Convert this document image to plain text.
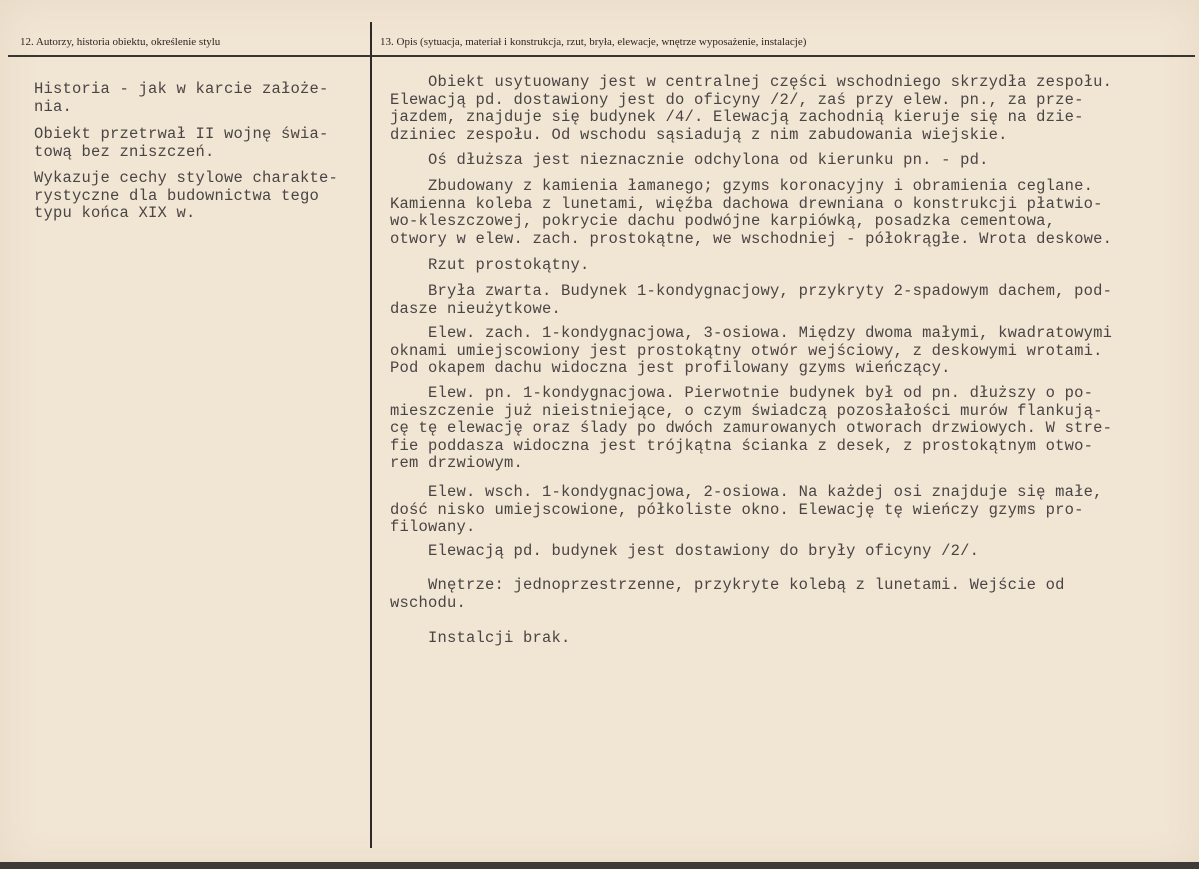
12. Autorzy, historia obiektu, określenie stylu	13. Opis (sytuacja, materiał i konstrukcja, rzut, bryła, elewacje, wnętrze wyposażenie, instalacje)
Historia - jak w karcie założe-
nia.
Obiekt przetrwał II wojnę świa-
tową bez zniszczeń.
Wykazuje cechy stylowe charakte-
rystyczne dla budownictwa tego
typu końca XIX w.
Obiekt usytuowany jest w centralnej części wschodniego skrzydła zespołu.
Elewacją pd. dostawiony jest do oficyny /2/, zaś przy elew. pn., za prze-
jazdem, znajduje się budynek /4/. Elewacją zachodnią kieruje się na dzie-
dziniec zespołu. Od wschodu sąsiadują z nim zabudowania wiejskie.
Oś dłuższa jest nieznacznie odchylona od kierunku pn. - pd.
Zbudowany z kamienia łamanego; gzyms koronacyjny i obramienia ceglane.
Kamienna koleba z lunetami, więźba dachowa drewniana o konstrukcji płatwio-
wo-kleszczowej, pokrycie dachu podwójne karpiówką, posadzka cementowa,
otwory w elew. zach. prostokątne, we wschodniej - półokrągłe. Wrota deskowe.
Rzut prostokątny.
Bryła zwarta. Budynek 1-kondygnacjowy, przykryty 2-spadowym dachem, pod-
dasze nieużytkowe.
Elew. zach. 1-kondygnacjowa, 3-osiowa. Między dwoma małymi, kwadratowymi
oknami umiejscowiony jest prostokątny otwór wejściowy, z deskowymi wrotami.
Pod okapem dachu widoczna jest profilowany gzyms wieńczący.
Elew. pn. 1-kondygnacjowa. Pierwotnie budynek był od pn. dłuższy o po-
mieszczenie już nieistniejące, o czym świadczą pozosłałości murów flankują-
cę tę elewację oraz ślady po dwóch zamurowanych otworach drzwiowych. W stre-
fie poddasza widoczna jest trójkątna ścianka z desek, z prostokątnym otwo-
rem drzwiowym.
Elew. wsch. 1-kondygnacjowa, 2-osiowa. Na każdej osi znajduje się małe,
dość nisko umiejscowione, półkoliste okno. Elewację tę wieńczy gzyms pro-
filowany.
Elewacją pd. budynek jest dostawiony do bryły oficyny /2/.
Wnętrze: jednoprzestrzenne, przykryte kolebą z lunetami. Wejście od
wschodu.
Instalcji brak.
